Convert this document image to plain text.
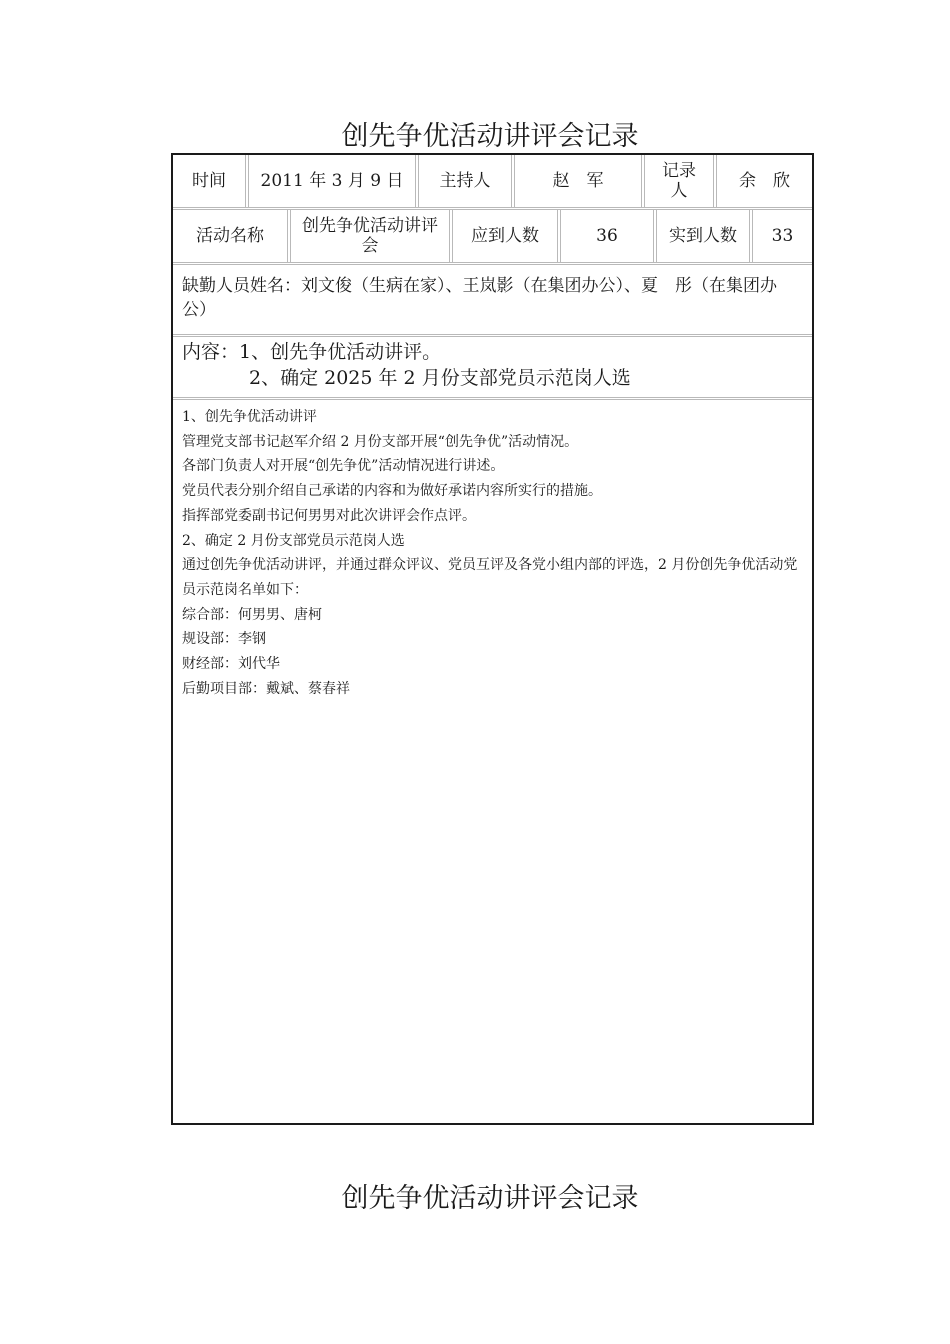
创先争优活动讲评会记录
时间	2011 年 3 月 9 日	主持人	赵　军	记录人	余　欣
活动名称	创先争优活动讲评会	应到人数	36	实到人数	33
缺勤人员姓名：刘文俊（生病在家）、王岚影（在集团办公）、夏　彤（在集团办公）
内容：1、创先争优活动讲评。
2、确定 2025 年 2 月份支部党员示范岗人选

1、创先争优活动讲评

管理党支部书记赵军介绍 2 月份支部开展“创先争优”活动情况。

各部门负责人对开展“创先争优”活动情况进行讲述。

党员代表分别介绍自己承诺的内容和为做好承诺内容所实行的措施。

指挥部党委副书记何男男对此次讲评会作点评。

2、确定 2 月份支部党员示范岗人选

通过创先争优活动讲评，并通过群众评议、党员互评及各党小组内部的评选，2 月份创先争优活动党员示范岗名单如下：

综合部：何男男、唐柯

规设部：李钢

财经部：刘代华

后勤项目部：戴斌、蔡春祥

创先争优活动讲评会记录
